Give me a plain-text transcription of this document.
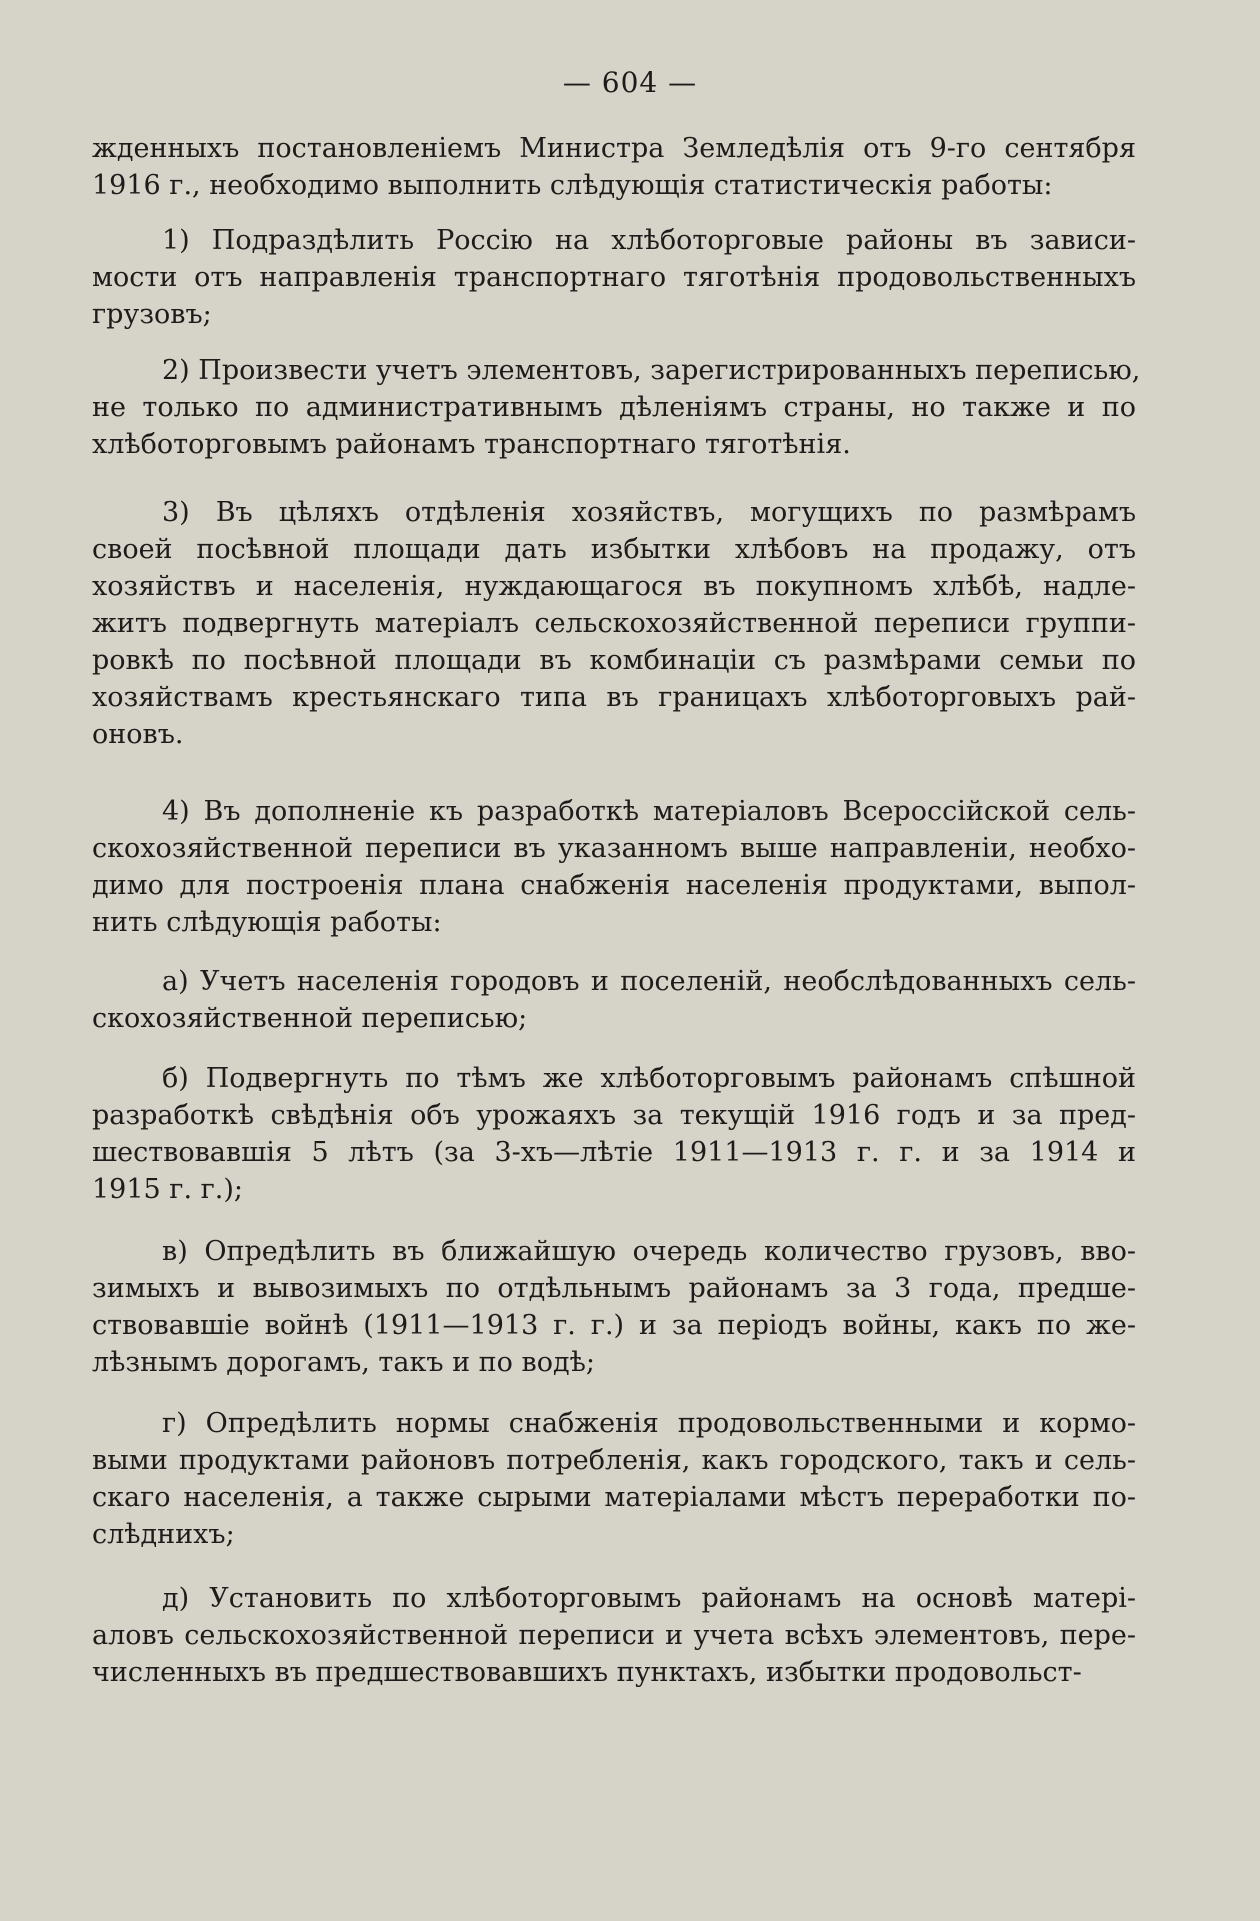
— 604 —
жденныхъ постановленіемъ Министра Земледѣлія отъ 9-го сентября
1916 г., необходимо выполнить слѣдующія статистическія работы:
1) Подраздѣлить Россію на хлѣботорговые районы въ зависи-
мости отъ направленія транспортнаго тяготѣнія продовольственныхъ
грузовъ;
2) Произвести учетъ элементовъ, зарегистрированныхъ переписью,
не только по административнымъ дѣленіямъ страны, но также и по
хлѣботорговымъ районамъ транспортнаго тяготѣнія.
3) Въ цѣляхъ отдѣленія хозяйствъ, могущихъ по размѣрамъ
своей посѣвной площади дать избытки хлѣбовъ на продажу, отъ
хозяйствъ и населенія, нуждающагося въ покупномъ хлѣбѣ, надле-
житъ подвергнуть матеріалъ сельскохозяйственной переписи группи-
ровкѣ по посѣвной площади въ комбинаціи съ размѣрами семьи по
хозяйствамъ крестьянскаго типа въ границахъ хлѣботорговыхъ рай-
оновъ.
4) Въ дополненіе къ разработкѣ матеріаловъ Всероссійской сель-
скохозяйственной переписи въ указанномъ выше направленіи, необхо-
димо для построенія плана снабженія населенія продуктами, выпол-
нить слѣдующія работы:
а) Учетъ населенія городовъ и поселеній, необслѣдованныхъ сель-
скохозяйственной переписью;
б) Подвергнуть по тѣмъ же хлѣботорговымъ районамъ спѣшной
разработкѣ свѣдѣнія объ урожаяхъ за текущій 1916 годъ и за пред-
шествовавшія 5 лѣтъ (за 3-хъ—лѣтіе 1911—1913 г. г. и за 1914 и
1915 г. г.);
в) Опредѣлить въ ближайшую очередь количество грузовъ, вво-
зимыхъ и вывозимыхъ по отдѣльнымъ районамъ за 3 года, предше-
ствовавшіе войнѣ (1911—1913 г. г.) и за періодъ войны, какъ по же-
лѣзнымъ дорогамъ, такъ и по водѣ;
г) Опредѣлить нормы снабженія продовольственными и кормо-
выми продуктами районовъ потребленія, какъ городского, такъ и сель-
скаго населенія, а также сырыми матеріалами мѣстъ переработки по-
слѣднихъ;
д) Установить по хлѣботорговымъ районамъ на основѣ матері-
аловъ сельскохозяйственной переписи и учета всѣхъ элементовъ, пере-
численныхъ въ предшествовавшихъ пунктахъ, избытки продовольст-
